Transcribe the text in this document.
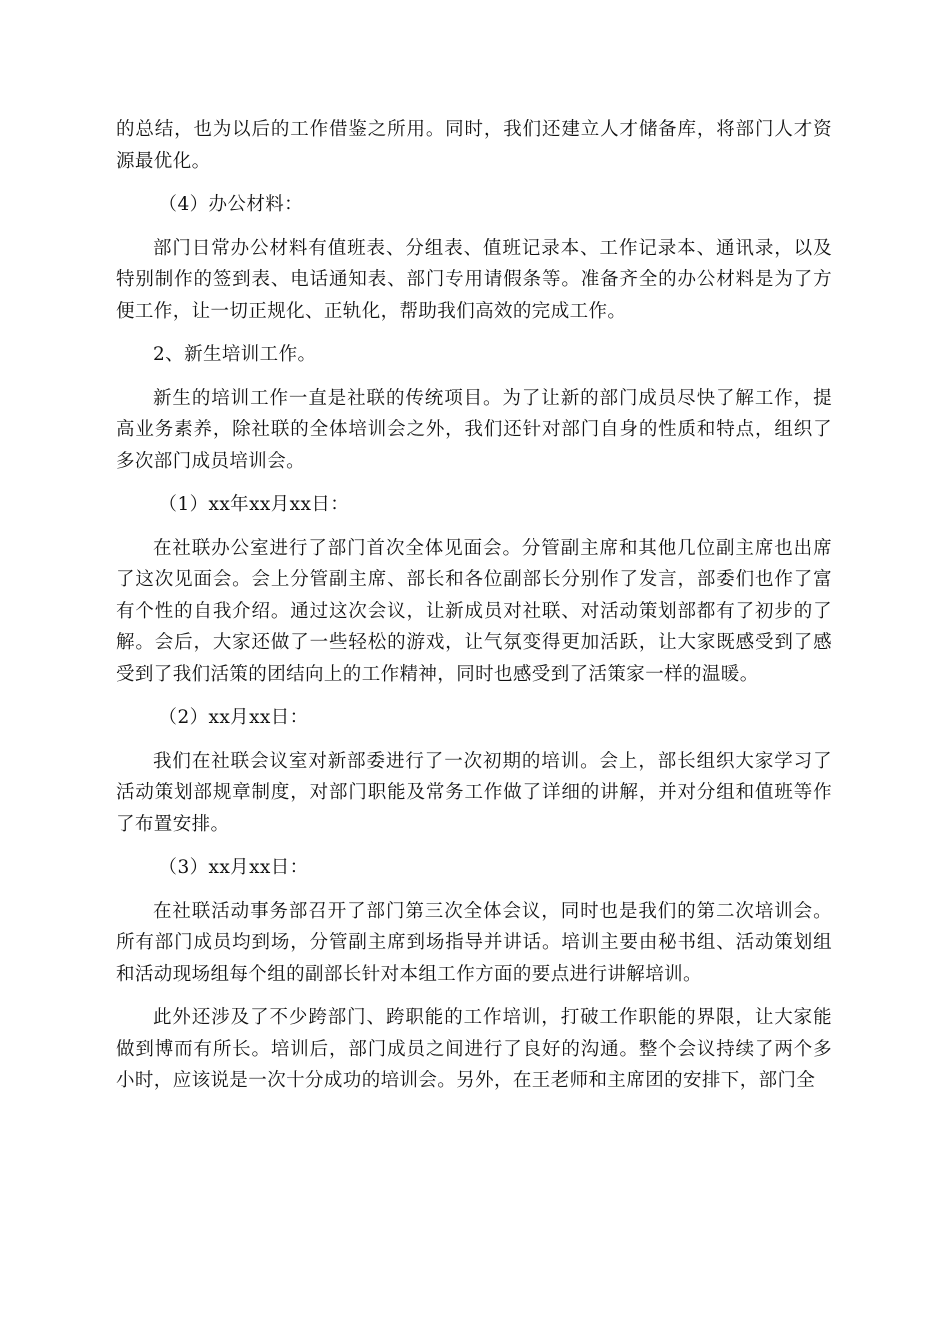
的总结，也为以后的工作借鉴之所用。同时，我们还建立人才储备库，将部门人才资源最优化。

（4）办公材料：

部门日常办公材料有值班表、分组表、值班记录本、工作记录本、通讯录，以及特别制作的签到表、电话通知表、部门专用请假条等。准备齐全的办公材料是为了方便工作，让一切正规化、正轨化，帮助我们高效的完成工作。

2、新生培训工作。

新生的培训工作一直是社联的传统项目。为了让新的部门成员尽快了解工作，提高业务素养，除社联的全体培训会之外，我们还针对部门自身的性质和特点，组织了多次部门成员培训会。

（1）xx年xx月xx日：

在社联办公室进行了部门首次全体见面会。分管副主席和其他几位副主席也出席了这次见面会。会上分管副主席、部长和各位副部长分别作了发言，部委们也作了富有个性的自我介绍。通过这次会议，让新成员对社联、对活动策划部都有了初步的了解。会后，大家还做了一些轻松的游戏，让气氛变得更加活跃，让大家既感受到了感受到了我们活策的团结向上的工作精神，同时也感受到了活策家一样的温暖。

（2）xx月xx日：

我们在社联会议室对新部委进行了一次初期的培训。会上，部长组织大家学习了活动策划部规章制度，对部门职能及常务工作做了详细的讲解，并对分组和值班等作了布置安排。

（3）xx月xx日：

在社联活动事务部召开了部门第三次全体会议，同时也是我们的第二次培训会。所有部门成员均到场，分管副主席到场指导并讲话。培训主要由秘书组、活动策划组和活动现场组每个组的副部长针对本组工作方面的要点进行讲解培训。

此外还涉及了不少跨部门、跨职能的工作培训，打破工作职能的界限，让大家能做到博而有所长。培训后，部门成员之间进行了良好的沟通。整个会议持续了两个多小时，应该说是一次十分成功的培训会。另外，在王老师和主席团的安排下，部门全
